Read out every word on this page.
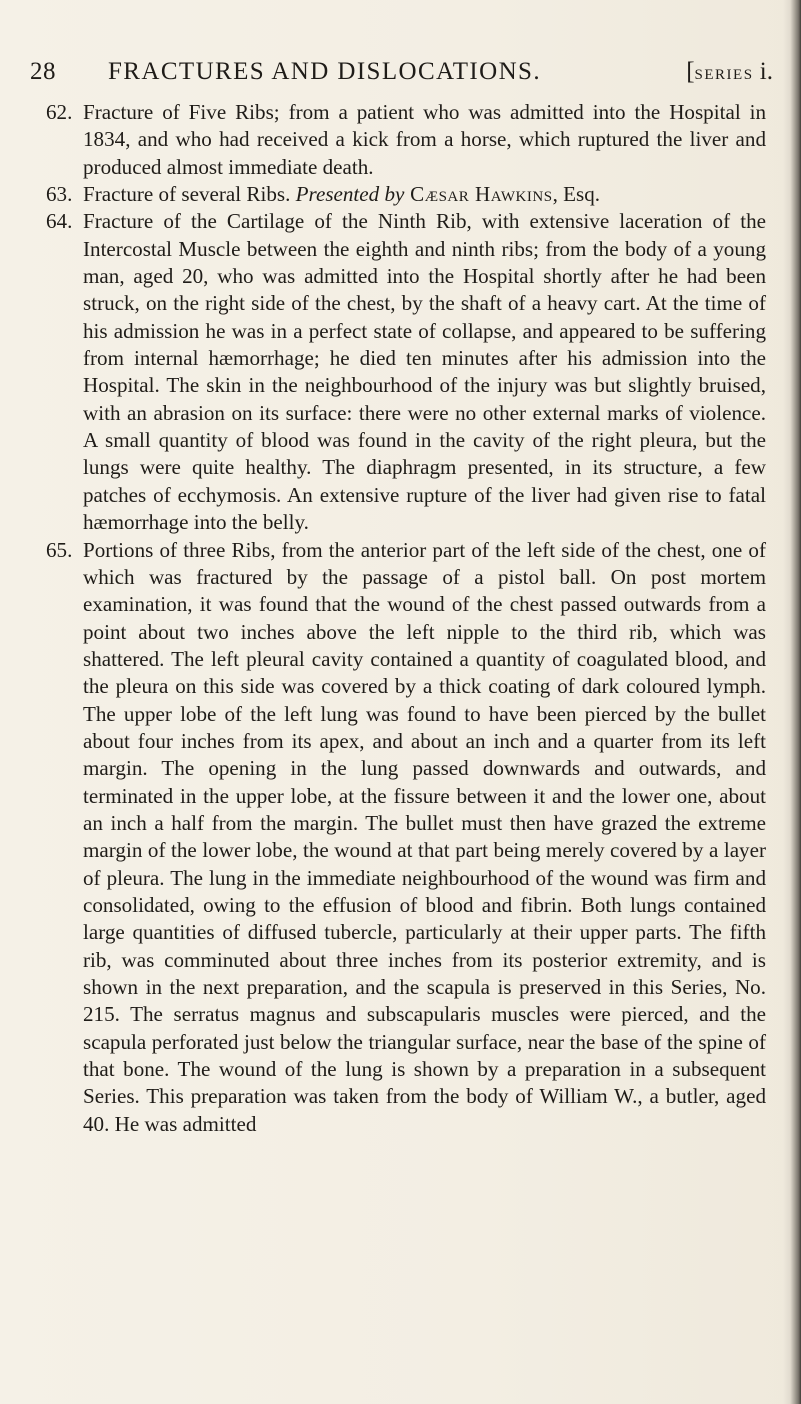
28 FRACTURES AND DISLOCATIONS.	[SERIES i.

62. Fracture of Five Ribs; from a patient who was admitted into the Hospital in 1834, and who had received a kick from a horse, which ruptured the liver and produced almost immediate death.

63. Fracture of several Ribs. Presented by Cæsar Hawkins, Esq.

64. Fracture of the Cartilage of the Ninth Rib, with extensive laceration of the Intercostal Muscle between the eighth and ninth ribs; from the body of a young man, aged 20, who was admitted into the Hospital shortly after he had been struck, on the right side of the chest, by the shaft of a heavy cart. At the time of his admission he was in a perfect state of collapse, and appeared to be suffering from internal hæmorrhage; he died ten minutes after his admission into the Hospital. The skin in the neighbourhood of the injury was but slightly bruised, with an abrasion on its surface: there were no other external marks of violence. A small quantity of blood was found in the cavity of the right pleura, but the lungs were quite healthy. The diaphragm presented, in its structure, a few patches of ecchymosis. An extensive rupture of the liver had given rise to fatal hæmorrhage into the belly.

65. Portions of three Ribs, from the anterior part of the left side of the chest, one of which was fractured by the passage of a pistol ball. On post mortem examination, it was found that the wound of the chest passed outwards from a point about two inches above the left nipple to the third rib, which was shattered. The left pleural cavity contained a quantity of coagulated blood, and the pleura on this side was covered by a thick coating of dark coloured lymph. The upper lobe of the left lung was found to have been pierced by the bullet about four inches from its apex, and about an inch and a quarter from its left margin. The opening in the lung passed downwards and outwards, and terminated in the upper lobe, at the fissure between it and the lower one, about an inch a half from the margin. The bullet must then have grazed the extreme margin of the lower lobe, the wound at that part being merely covered by a layer of pleura. The lung in the immediate neighbourhood of the wound was firm and consolidated, owing to the effusion of blood and fibrin. Both lungs contained large quantities of diffused tubercle, particularly at their upper parts. The fifth rib, was comminuted about three inches from its posterior extremity, and is shown in the next preparation, and the scapula is preserved in this Series, No. 215. The serratus magnus and subscapularis muscles were pierced, and the scapula perforated just below the triangular surface, near the base of the spine of that bone. The wound of the lung is shown by a preparation in a subsequent Series. This preparation was taken from the body of William W., a butler, aged 40. He was admitted
